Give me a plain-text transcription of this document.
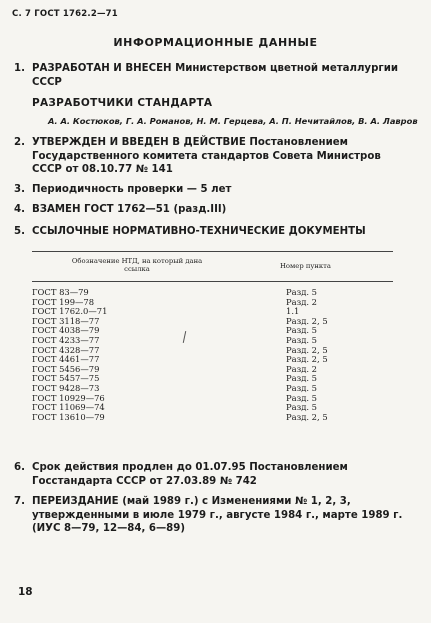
С. 7 ГОСТ 1762.2—71
ИНФОРМАЦИОННЫЕ ДАННЫЕ
1. РАЗРАБОТАН И ВНЕСЕН Министерством цветной металлургии СССР
РАЗРАБОТЧИКИ СТАНДАРТА
А. А. Костюков, Г. А. Романов, Н. М. Герцева, А. П. Нечитайлов, В. А. Лавров
2. УТВЕРЖДЕН И ВВЕДЕН В ДЕЙСТВИЕ Постановлением Государственного комитета стандартов Совета Министров СССР от 08.10.77 № 141
3. Периодичность проверки — 5 лет
4. ВЗАМЕН ГОСТ 1762—51 (разд.III)
5. ССЫЛОЧНЫЕ НОРМАТИВНО-ТЕХНИЧЕСКИЕ ДОКУМЕНТЫ
Обозначение НТД, на который дана ссылка	Номер пункта
ГОСТ 83—79	Разд. 5
ГОСТ 199—78	Разд. 2
ГОСТ 1762.0—71	1.1
ГОСТ 3118—77	Разд. 2, 5
ГОСТ 4038—79	Разд. 5
ГОСТ 4233—77	Разд. 5
ГОСТ 4328—77	Разд. 2, 5
ГОСТ 4461—77	Разд. 2, 5
ГОСТ 5456—79	Разд. 2
ГОСТ 5457—75	Разд. 5
ГОСТ 9428—73	Разд. 5
ГОСТ 10929—76	Разд. 5
ГОСТ 11069—74	Разд. 5
ГОСТ 13610—79	Разд. 2, 5
6. Срок действия продлен до 01.07.95 Постановлением Госстандарта СССР от 27.03.89 № 742
7. ПЕРЕИЗДАНИЕ (май 1989 г.) с Изменениями № 1, 2, 3, утвержденными в июле 1979 г., августе 1984 г., марте 1989 г. (ИУС 8—79, 12—84, 6—89)
18
